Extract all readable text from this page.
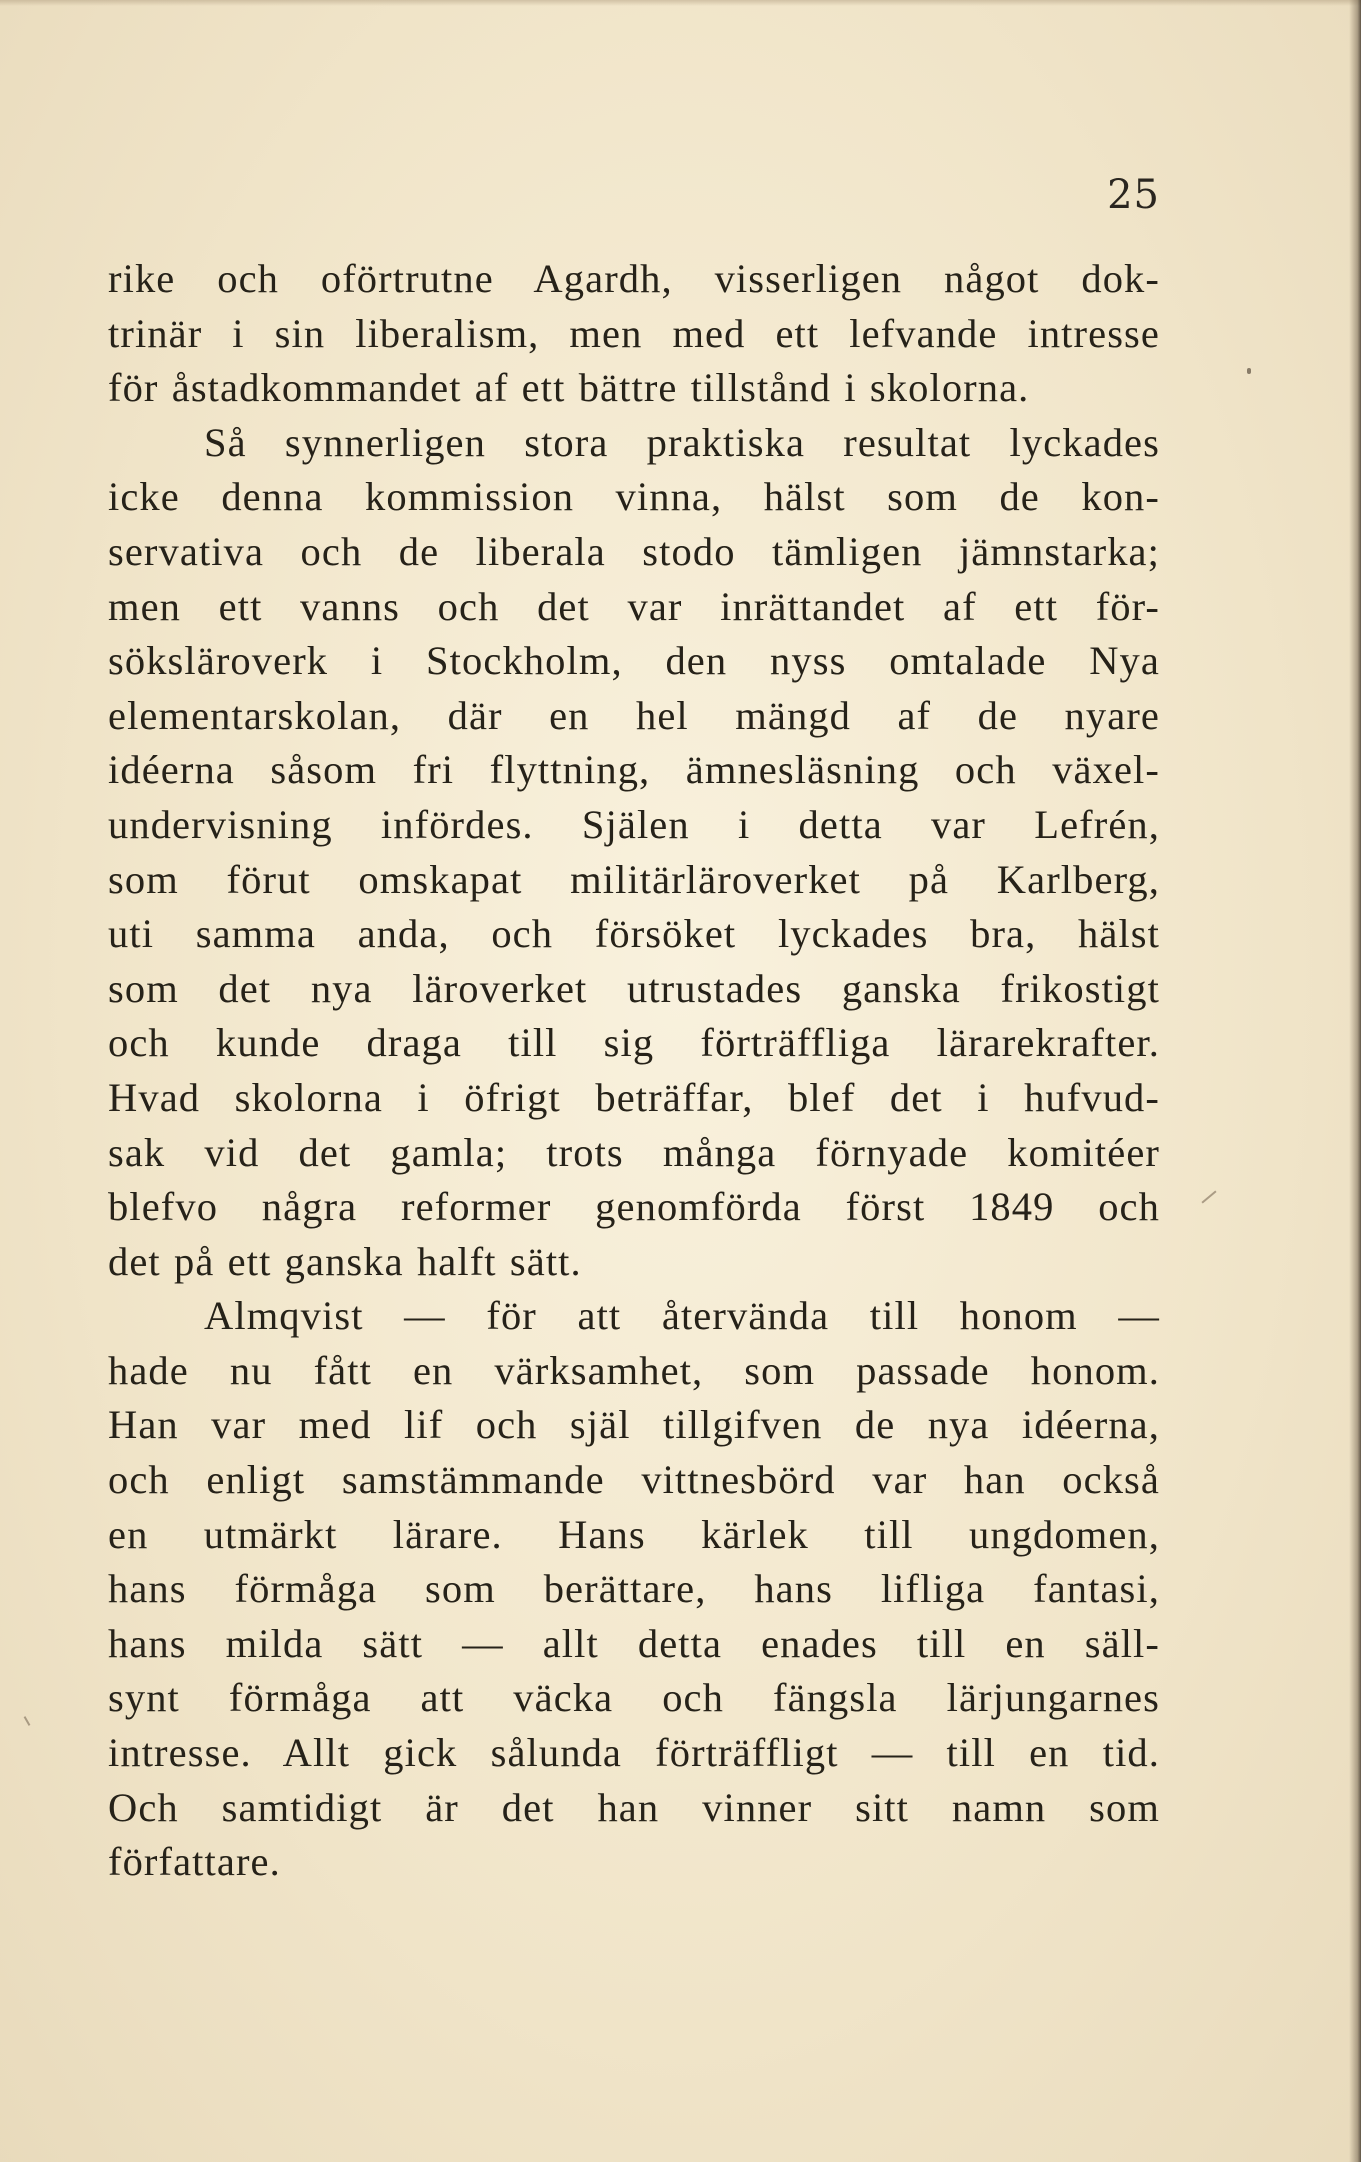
25
rike och oförtrutne Agardh, visserligen något dok-
trinär i sin liberalism, men med ett lefvande intresse
för åstadkommandet af ett bättre tillstånd i skolorna.
Så synnerligen stora praktiska resultat lyckades
icke denna kommission vinna, hälst som de kon-
servativa och de liberala stodo tämligen jämnstarka;
men ett vanns och det var inrättandet af ett för-
söksläroverk i Stockholm, den nyss omtalade Nya
elementarskolan, där en hel mängd af de nyare
idéerna såsom fri flyttning, ämnesläsning och växel-
undervisning infördes. Själen i detta var Lefrén,
som förut omskapat militärläroverket på Karlberg,
uti samma anda, och försöket lyckades bra, hälst
som det nya läroverket utrustades ganska frikostigt
och kunde draga till sig förträffliga lärarekrafter.
Hvad skolorna i öfrigt beträffar, blef det i hufvud-
sak vid det gamla; trots många förnyade komitéer
blefvo några reformer genomförda först 1849 och
det på ett ganska halft sätt.
Almqvist — för att återvända till honom —
hade nu fått en värksamhet, som passade honom.
Han var med lif och själ tillgifven de nya idéerna,
och enligt samstämmande vittnesbörd var han också
en utmärkt lärare. Hans kärlek till ungdomen,
hans förmåga som berättare, hans lifliga fantasi,
hans milda sätt — allt detta enades till en säll-
synt förmåga att väcka och fängsla lärjungarnes
intresse. Allt gick sålunda förträffligt — till en tid.
Och samtidigt är det han vinner sitt namn som
författare.
